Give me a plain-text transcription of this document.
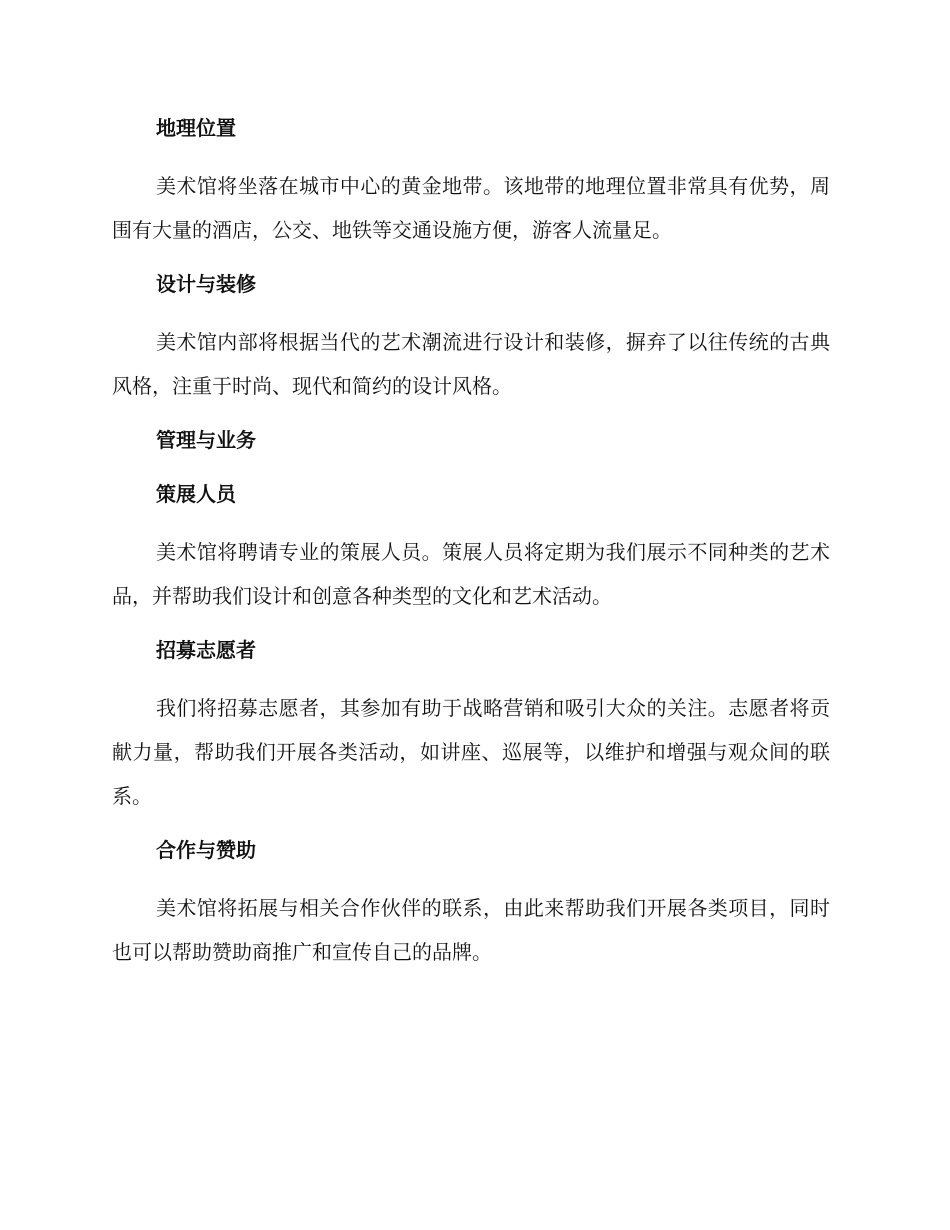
地理位置

美术馆将坐落在城市中心的黄金地带。该地带的地理位置非常具有优势，周围有大量的酒店，公交、地铁等交通设施方便，游客人流量足。

设计与装修

美术馆内部将根据当代的艺术潮流进行设计和装修，摒弃了以往传统的古典风格，注重于时尚、现代和简约的设计风格。

管理与业务
策展人员

美术馆将聘请专业的策展人员。策展人员将定期为我们展示不同种类的艺术品，并帮助我们设计和创意各种类型的文化和艺术活动。

招募志愿者

我们将招募志愿者，其参加有助于战略营销和吸引大众的关注。志愿者将贡献力量，帮助我们开展各类活动，如讲座、巡展等，以维护和增强与观众间的联系。

合作与赞助

美术馆将拓展与相关合作伙伴的联系，由此来帮助我们开展各类项目，同时也可以帮助赞助商推广和宣传自己的品牌。
